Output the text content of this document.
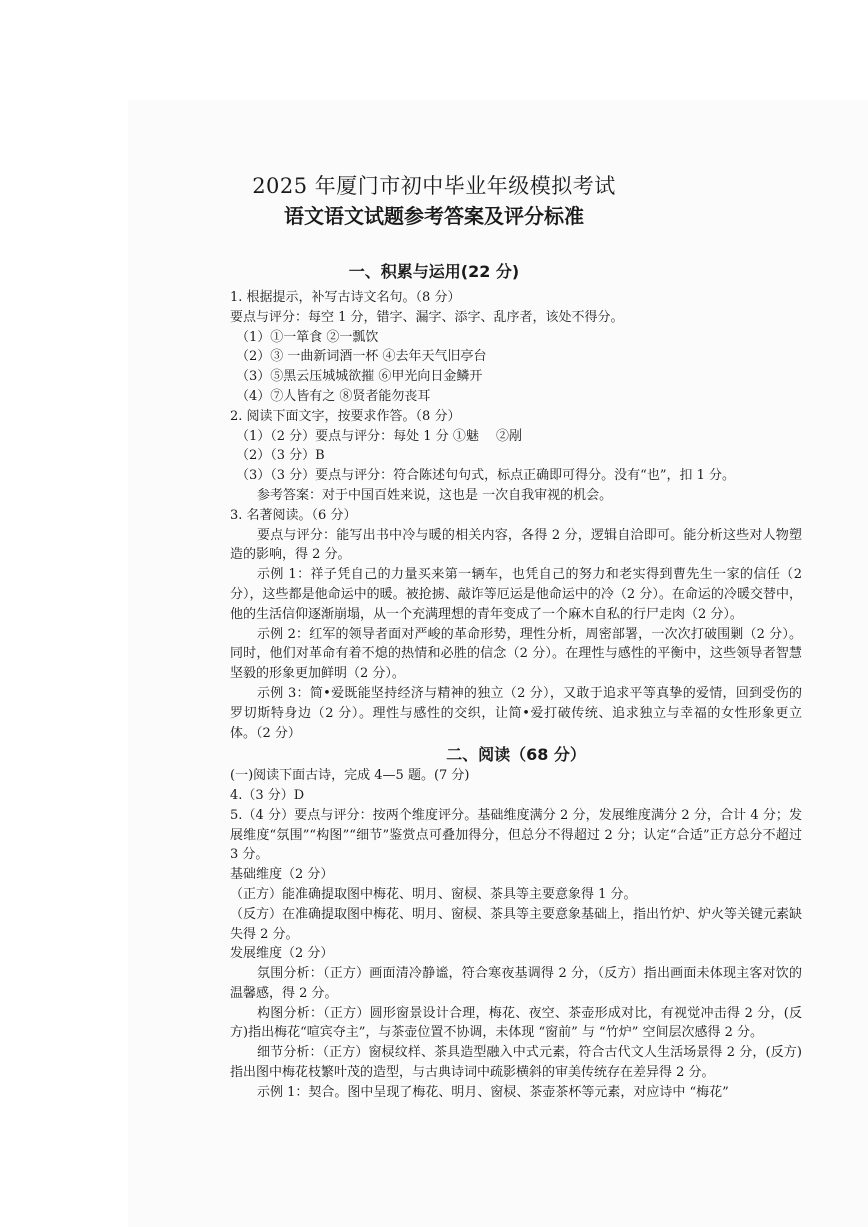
2025 年厦门市初中毕业年级模拟考试
语文语文试题参考答案及评分标准
一、积累与运用(22 分)

1. 根据提示，补写古诗文名句。（8 分）

要点与评分：每空 1 分，错字、漏字、添字、乱序者，该处不得分。

（1）①一箪食 ②一瓢饮

（2）③ 一曲新词酒一杯 ④去年天气旧亭台

（3）⑤黑云压城城欲摧 ⑥甲光向日金鳞开

（4）⑦人皆有之 ⑧贤者能勿丧耳

2. 阅读下面文字，按要求作答。（8 分）

（1）（2 分）要点与评分：每处 1 分 ①魅　 ②剐

（2）（3 分）B

（3）（3 分）要点与评分：符合陈述句句式，标点正确即可得分。没有“也”，扣 1 分。

参考答案：对于中国百姓来说，这也是 一次自我审视的机会。

3. 名著阅读。（6 分）

要点与评分：能写出书中冷与暖的相关内容，各得 2 分，逻辑自洽即可。能分析这些对人物塑造的影响，得 2 分。

示例 1：祥子凭自己的力量买来第一辆车，也凭自己的努力和老实得到曹先生一家的信任（2 分），这些都是他命运中的暖。被抢掳、敲诈等厄运是他命运中的冷（2 分）。在命运的冷暖交替中，他的生活信仰逐渐崩塌，从一个充满理想的青年变成了一个麻木自私的行尸走肉（2 分）。

示例 2：红军的领导者面对严峻的革命形势，理性分析，周密部署，一次次打破围剿（2 分）。同时，他们对革命有着不熄的热情和必胜的信念（2 分）。在理性与感性的平衡中，这些领导者智慧坚毅的形象更加鲜明（2 分）。

示例 3：简•爱既能坚持经济与精神的独立（2 分），又敢于追求平等真挚的爱情，回到受伤的罗切斯特身边（2 分）。理性与感性的交织，让简•爱打破传统、追求独立与幸福的女性形象更立体。（2 分）

二、阅读（68 分）

(一)阅读下面古诗，完成 4—5 题。(7 分)

4.（3 分）D

5.（4 分）要点与评分：按两个维度评分。基础维度满分 2 分，发展维度满分 2 分，合计 4 分；发展维度“氛围”“构图”“细节”鉴赏点可叠加得分，但总分不得超过 2 分；认定“合适”正方总分不超过 3 分。

基础维度（2 分）

（正方）能准确提取图中梅花、明月、窗棂、茶具等主要意象得 1 分。

（反方）在准确提取图中梅花、明月、窗棂、茶具等主要意象基础上，指出竹炉、炉火等关键元素缺失得 2 分。

发展维度（2 分）

氛围分析：（正方）画面清冷静谧，符合寒夜基调得 2 分，（反方）指出画面未体现主客对饮的温馨感，得 2 分。

构图分析：（正方）圆形窗景设计合理，梅花、夜空、茶壶形成对比，有视觉冲击得 2 分，(反方)指出梅花“喧宾夺主”，与茶壶位置不协调，未体现 “窗前” 与 “竹炉” 空间层次感得 2 分。

细节分析：（正方）窗棂纹样、茶具造型融入中式元素，符合古代文人生活场景得 2 分，(反方)指出图中梅花枝繁叶茂的造型，与古典诗词中疏影横斜的审美传统存在差异得 2 分。

示例 1：契合。图中呈现了梅花、明月、窗棂、茶壶茶杯等元素，对应诗中 “梅花”
